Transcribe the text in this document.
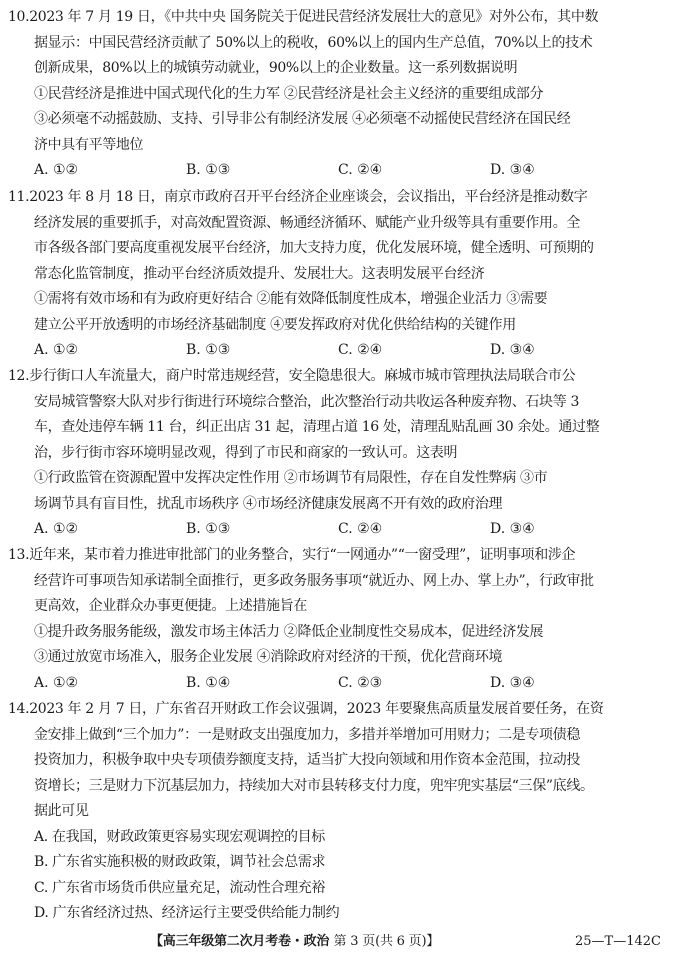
10.2023 年 7 月 19 日，《中共中央 国务院关于促进民营经济发展壮大的意见》对外公布，其中数

据显示：中国民营经济贡献了 50%以上的税收，60%以上的国内生产总值，70%以上的技术

创新成果，80%以上的城镇劳动就业，90%以上的企业数量。这一系列数据说明

①民营经济是推进中国式现代化的生力军 ②民营经济是社会主义经济的重要组成部分

③必须毫不动摇鼓励、支持、引导非公有制经济发展 ④必须毫不动摇使民营经济在国民经

济中具有平等地位

A. ①②	B. ①③	C. ②④	D. ③④

11.2023 年 8 月 18 日，南京市政府召开平台经济企业座谈会，会议指出，平台经济是推动数字

经济发展的重要抓手，对高效配置资源、畅通经济循环、赋能产业升级等具有重要作用。全

市各级各部门要高度重视发展平台经济，加大支持力度，优化发展环境，健全透明、可预期的

常态化监管制度，推动平台经济质效提升、发展壮大。这表明发展平台经济

①需将有效市场和有为政府更好结合 ②能有效降低制度性成本，增强企业活力 ③需要

建立公平开放透明的市场经济基础制度 ④要发挥政府对优化供给结构的关键作用

A. ①②	B. ①③	C. ②④	D. ③④

12.步行街口人车流量大，商户时常违规经营，安全隐患很大。麻城市城市管理执法局联合市公

安局城管警察大队对步行街进行环境综合整治，此次整治行动共收运各种废弃物、石块等 3

车，查处违停车辆 11 台，纠正出店 31 起，清理占道 16 处，清理乱贴乱画 30 余处。通过整

治，步行街市容环境明显改观，得到了市民和商家的一致认可。这表明

①行政监管在资源配置中发挥决定性作用 ②市场调节有局限性，存在自发性弊病 ③市

场调节具有盲目性，扰乱市场秩序 ④市场经济健康发展离不开有效的政府治理

A. ①②	B. ①③	C. ②④	D. ③④

13.近年来，某市着力推进审批部门的业务整合，实行“一网通办”“一窗受理”，证明事项和涉企

经营许可事项告知承诺制全面推行，更多政务服务事项“就近办、网上办、掌上办”，行政审批

更高效，企业群众办事更便捷。上述措施旨在

①提升政务服务能级，激发市场主体活力 ②降低企业制度性交易成本，促进经济发展

③通过放宽市场准入，服务企业发展 ④消除政府对经济的干预，优化营商环境

A. ①②	B. ①④	C. ②③	D. ③④

14.2023 年 2 月 7 日，广东省召开财政工作会议强调，2023 年要聚焦高质量发展首要任务，在资

金安排上做到“三个加力”：一是财政支出强度加力，多措并举增加可用财力；二是专项债稳

投资加力，积极争取中央专项债券额度支持，适当扩大投向领域和用作资本金范围，拉动投

资增长；三是财力下沉基层加力，持续加大对市县转移支付力度，兜牢兜实基层“三保”底线。

据此可见

A. 在我国，财政政策更容易实现宏观调控的目标

B. 广东省实施积极的财政政策，调节社会总需求

C. 广东省市场货币供应量充足，流动性合理充裕

D. 广东省经济过热、经济运行主要受供给能力制约

【高三年级第二次月考卷・政治 第 3 页(共 6 页)】	25—T—142C
